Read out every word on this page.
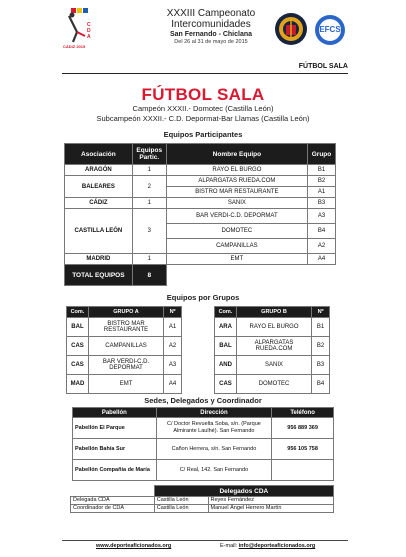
C
D
A
CÁDIZ 2015
XXXIII Campeonato
Intercomunidades
San Fernando - Chiclana
Del 26 al 31 de mayo de 2015
EFCS
FÚTBOL SALA
FÚTBOL SALA
Campeón XXXII.- Domotec (Castilla León)
Subcampeón XXXII.- C.D. Depormat-Bar Llamas (Castilla León)
Equipos Participantes
Asociación	Equipos Partic.	Nombre Equipo	Grupo
ARAGÓN	1	RAYO EL BURGO	B1
BALEARES	2	ALPARGATAS RUEDA.COM	B2
		BISTRO MAR RESTAURANTE	A1
CÁDIZ	1	SANIX	B3
CASTILLA LEÓN	3	BAR VERDI-C.D. DEPORMAT	A3
		DOMOTEC	B4
		CAMPANILLAS	A2
MADRID	1	EMT	A4
TOTAL EQUIPOS	8		
Equipos por Grupos
Com.	GRUPO A	Nº
BAL	BISTRO MAR RESTAURANTE	A1
CAS	CAMPANILLAS	A2
CAS	BAR VERDI-C.D. DEPORMAT	A3
MAD	EMT	A4
Com.	GRUPO B	Nº
ARA	RAYO EL BURGO	B1
BAL	ALPARGATAS RUEDA.COM	B2
AND	SANIX	B3
CAS	DOMOTEC	B4
Sedes, Delegados y Coordinador
Pabellón	Dirección	Teléfono
Pabellón El Parque	C/ Doctor Revuelta Soba, s/n. (Parque Almirante Laulhé). San Fernando	956 889 369
Pabellón Bahía Sur	Cañon Herrera, s/n. San Fernando	956 105 758
Pabellón Compañía de María	C/ Real, 142. San Fernando	
	Delegados CDA	
Delegada CDA	Castilla León	Reyes Fernández
Coordinador de CDA	Castilla León	Manuel Ángel Herrero Martín
www.deporteaficionados.org	E-mail: info@deporteaficionados.org
